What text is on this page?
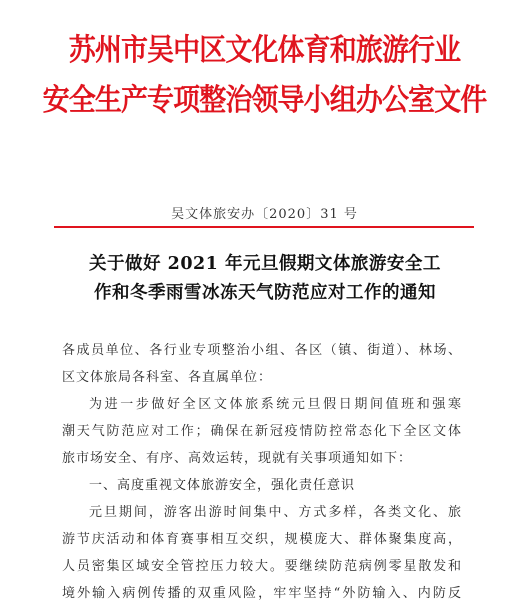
苏州市吴中区文化体育和旅游行业
安全生产专项整治领导小组办公室文件
吴文体旅安办〔2020〕31 号
关于做好 2021 年元旦假期文体旅游安全工
作和冬季雨雪冰冻天气防范应对工作的通知

各成员单位、各行业专项整治小组、各区（镇、街道）、林场、

区文体旅局各科室、各直属单位：

为进一步做好全区文体旅系统元旦假日期间值班和强寒

潮天气防范应对工作；确保在新冠疫情防控常态化下全区文体

旅市场安全、有序、高效运转，现就有关事项通知如下：

一、高度重视文体旅游安全，强化责任意识

元旦期间，游客出游时间集中、方式多样，各类文化、旅

游节庆活动和体育赛事相互交织，规模庞大、群体聚集度高，

人员密集区域安全管控压力较大。要继续防范病例零星散发和

境外输入病例传播的双重风险，牢牢坚持“外防输入、内防反
